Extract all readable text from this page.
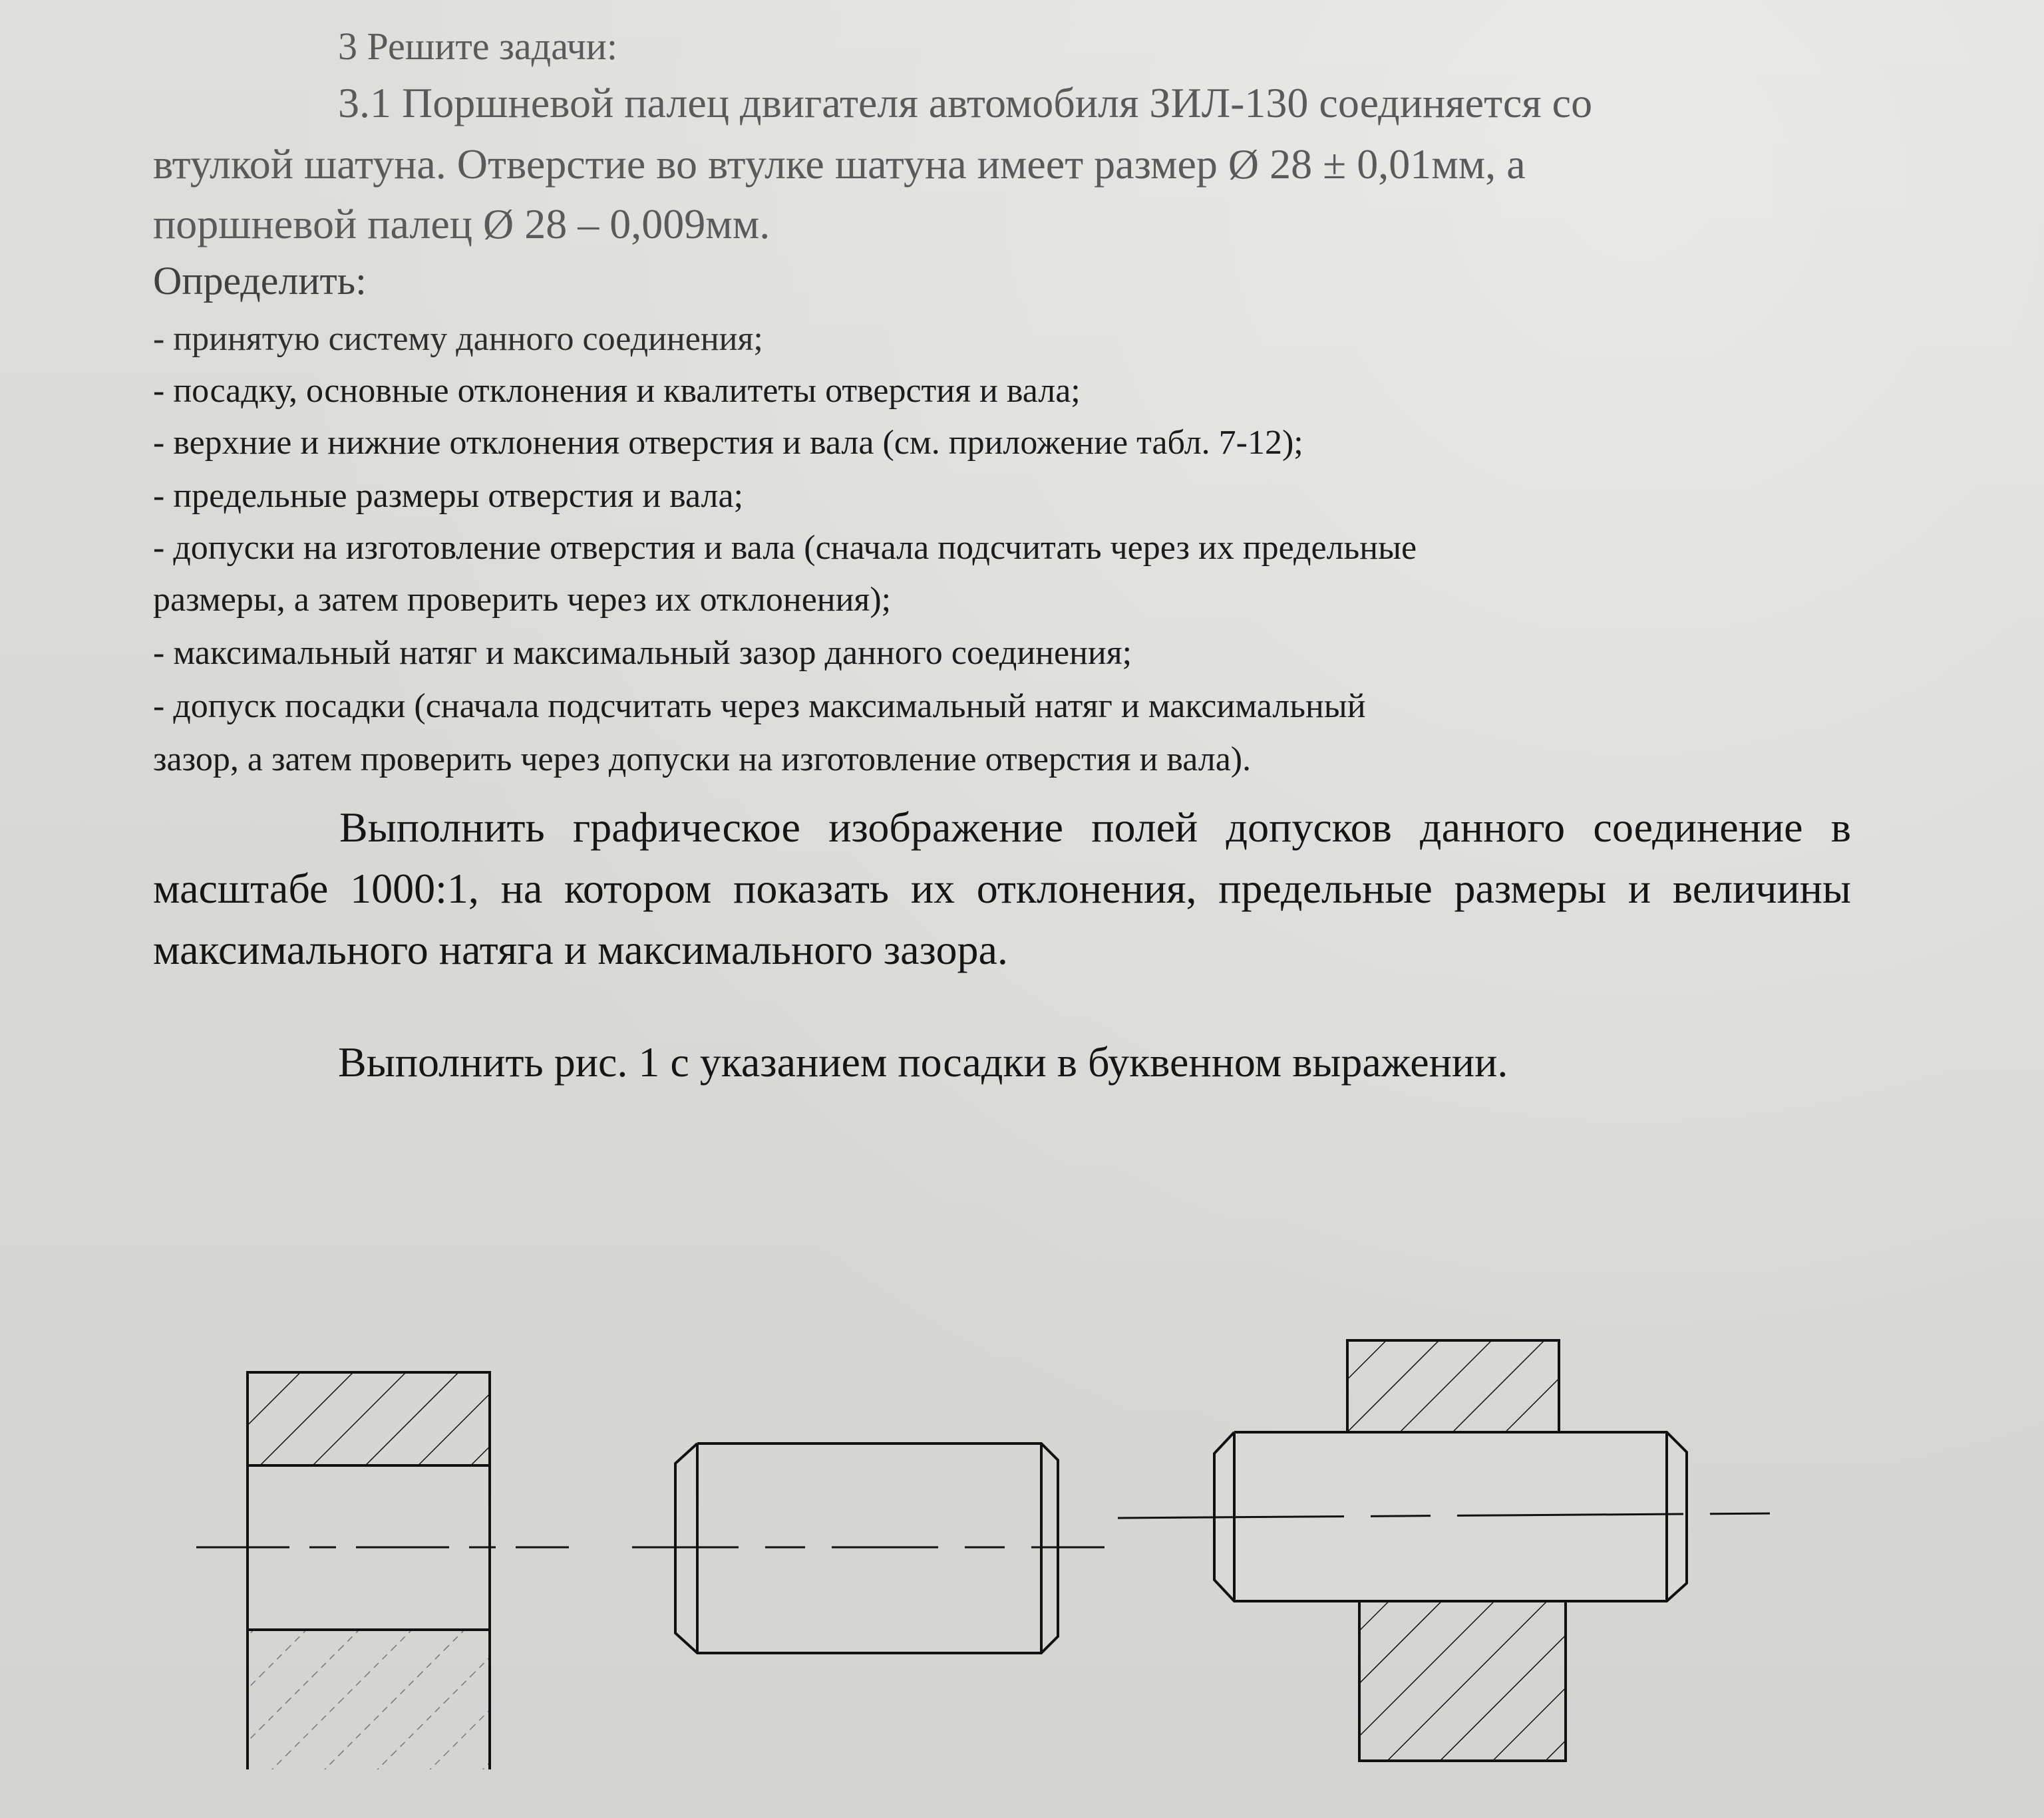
3 Решите задачи:
3.1 Поршневой палец двигателя автомобиля ЗИЛ-130 соединяется со
втулкой шатуна. Отверстие во втулке шатуна имеет размер Ø 28 ± 0,01мм, а
поршневой палец Ø 28 – 0,009мм.
Определить:
- принятую систему данного соединения;
- посадку, основные отклонения и квалитеты отверстия и вала;
- верхние и нижние отклонения отверстия и вала (см. приложение табл. 7-12);
- предельные размеры отверстия и вала;
- допуски на изготовление отверстия и вала (сначала подсчитать через их предельные
размеры, а затем проверить через их отклонения);
- максимальный натяг и максимальный зазор данного соединения;
- допуск посадки (сначала подсчитать через максимальный натяг и максимальный
зазор, а затем проверить через допуски на изготовление отверстия и вала).
Выполнить графическое изображение полей допусков данного соединение в масштабе 1000:1, на котором показать их отклонения, предельные размеры и величины максимального натяга и максимального зазора.
Выполнить рис. 1 с указанием посадки в буквенном выражении.
